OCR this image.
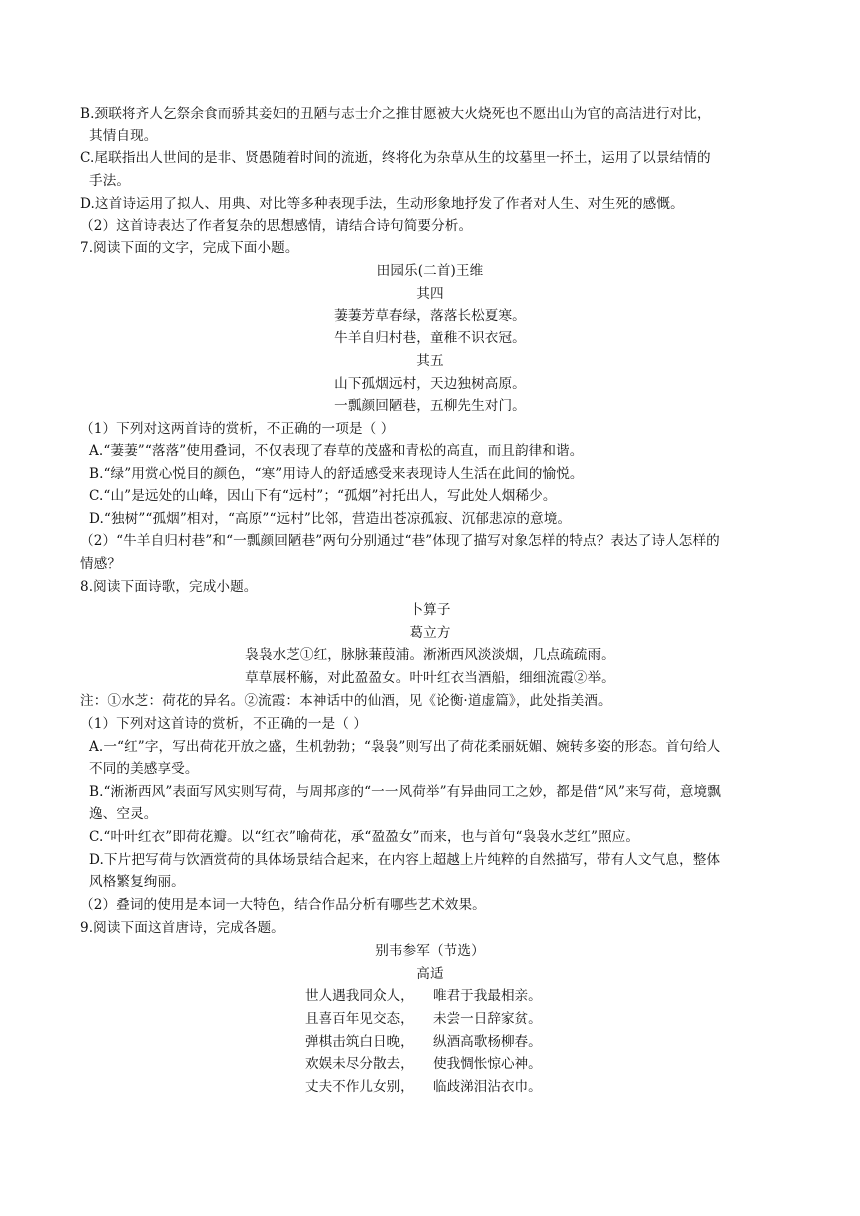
B.颈联将齐人乞祭余食而骄其妾妇的丑陋与志士介之推甘愿被大火烧死也不愿出山为官的高洁进行对比，
其情自现。
C.尾联指出人世间的是非、贤愚随着时间的流逝，终将化为杂草从生的坟墓里一抔土，运用了以景结情的
手法。
D.这首诗运用了拟人、用典、对比等多种表现手法，生动形象地抒发了作者对人生、对生死的感慨。
（2）这首诗表达了作者复杂的思想感情，请结合诗句简要分析。
7.阅读下面的文字，完成下面小题。
田园乐(二首)王维
其四
萋萋芳草春绿，落落长松夏寒。
牛羊自归村巷，童稚不识衣冠。
其五
山下孤烟远村，天边独树高原。
一瓢颜回陋巷，五柳先生对门。
（1）下列对这两首诗的赏析，不正确的一项是（ ）
A.“萋萋”“落落”使用叠词，不仅表现了春草的茂盛和青松的高直，而且韵律和谐。
B.“绿”用赏心悦目的颜色，“寒”用诗人的舒适感受来表现诗人生活在此间的愉悦。
C.“山”是远处的山峰，因山下有“远村”；“孤烟”衬托出人，写此处人烟稀少。
D.“独树”“孤烟”相对，“高原”“远村”比邻，营造出苍凉孤寂、沉郁悲凉的意境。
（2）“牛羊自归村巷”和“一瓢颜回陋巷”两句分别通过“巷”体现了描写对象怎样的特点？表达了诗人怎样的
情感？
8.阅读下面诗歌，完成小题。
卜算子
葛立方
袅袅水芝①红，脉脉蒹葭浦。淅淅西风淡淡烟，几点疏疏雨。
草草展杯觞，对此盈盈女。叶叶红衣当酒船，细细流霞②举。
注：①水芝：荷花的异名。②流霞：本神话中的仙酒，见《论衡·道虚篇》，此处指美酒。
（1）下列对这首诗的赏析，不正确的一是（ ）
A.一“红”字，写出荷花开放之盛，生机勃勃；“袅袅”则写出了荷花柔丽妩媚、婉转多姿的形态。首句给人
不同的美感享受。
B.“淅淅西风”表面写风实则写荷，与周邦彦的“一一风荷举”有异曲同工之妙，都是借“风”来写荷，意境飘
逸、空灵。
C.“叶叶红衣”即荷花瓣。以“红衣”喻荷花，承“盈盈女”而来，也与首句“袅袅水芝红”照应。
D.下片把写荷与饮酒赏荷的具体场景结合起来，在内容上超越上片纯粹的自然描写，带有人文气息，整体
风格繁复绚丽。
（2）叠词的使用是本词一大特色，结合作品分析有哪些艺术效果。
9.阅读下面这首唐诗，完成各题。
别韦参军（节选）
高适
世人遇我同众人， 唯君于我最相亲。
且喜百年见交态， 未尝一日辞家贫。
弹棋击筑白日晚， 纵酒高歌杨柳春。
欢娱未尽分散去， 使我惆怅惊心神。
丈夫不作儿女别， 临歧涕泪沾衣巾。
